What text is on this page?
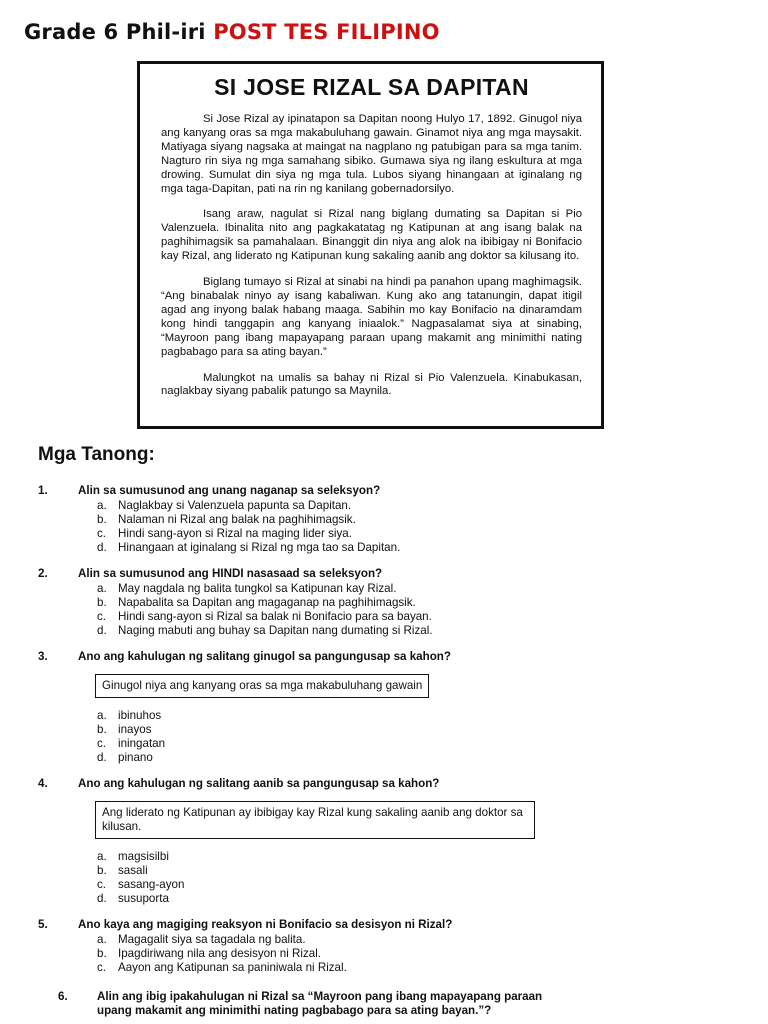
Grade 6 Phil-iri POST TES FILIPINO
SI JOSE RIZAL SA DAPITAN

Si Jose Rizal ay ipinatapon sa Dapitan noong Hulyo 17, 1892. Ginugol niya ang kanyang oras sa mga makabuluhang gawain. Ginamot niya ang mga maysakit. Matiyaga siyang nagsaka at maingat na nagplano ng patubigan para sa mga tanim. Nagturo rin siya ng mga samahang sibiko. Gumawa siya ng ilang eskultura at mga drowing. Sumulat din siya ng mga tula. Lubos siyang hinangaan at iginalang ng mga taga-Dapitan, pati na rin ng kanilang gobernadorsilyo.

Isang araw, nagulat si Rizal nang biglang dumating sa Dapitan si Pio Valenzuela. Ibinalita nito ang pagkakatatag ng Katipunan at ang isang balak na paghihimagsik sa pamahalaan. Binanggit din niya ang alok na ibibigay ni Bonifacio kay Rizal, ang liderato ng Katipunan kung sakaling aanib ang doktor sa kilusang ito.

Biglang tumayo si Rizal at sinabi na hindi pa panahon upang maghimagsik. “Ang binabalak ninyo ay isang kabaliwan. Kung ako ang tatanungin, dapat itigil agad ang inyong balak habang maaga. Sabihin mo kay Bonifacio na dinaramdam kong hindi tanggapin ang kanyang iniaalok.” Nagpasalamat siya at sinabing, “Mayroon pang ibang mapayapang paraan upang makamit ang minimithi nating pagbabago para sa ating bayan.”

Malungkot na umalis sa bahay ni Rizal si Pio Valenzuela. Kinabukasan, naglakbay siyang pabalik patungo sa Maynila.

Mga Tanong:
1.	Alin sa sumusunod ang unang naganap sa seleksyon?
a. Naglakbay si Valenzuela papunta sa Dapitan.
b. Nalaman ni Rizal ang balak na paghihimagsik.
c.	Hindi sang-ayon si Rizal na maging lider siya.
d. Hinangaan at iginalang si Rizal ng mga tao sa Dapitan.
2.	Alin sa sumusunod ang HINDI nasasaad sa seleksyon?
a. May nagdala ng balita tungkol sa Katipunan kay Rizal.
b. Napabalita sa Dapitan ang magaganap na paghihimagsik.
c.	Hindi sang-ayon si Rizal sa balak ni Bonifacio para sa bayan.
d. Naging mabuti ang buhay sa Dapitan nang dumating si Rizal.
3.	Ano ang kahulugan ng salitang ginugol sa pangungusap sa kahon?
Ginugol niya ang kanyang oras sa mga makabuluhang gawain
a. ibinuhos
b. inayos
c.	iningatan
d. pinano
4.	Ano ang kahulugan ng salitang aanib sa pangungusap sa kahon?
Ang liderato ng Katipunan ay ibibigay kay Rizal kung sakaling aanib ang doktor sa kilusan.
a. magsisilbi
b. sasali
c.	sasang-ayon
d. susuporta
5.	Ano kaya ang magiging reaksyon ni Bonifacio sa desisyon ni Rizal?
a. Magagalit siya sa tagadala ng balita.
b. Ipagdiriwang nila ang desisyon ni Rizal.
c.	Aayon ang Katipunan sa paniniwala ni Rizal.
6.	Alin ang ibig ipakahulugan ni Rizal sa “Mayroon pang ibang mapayapang paraan upang makamit ang minimithi nating pagbabago para sa ating bayan.”?
